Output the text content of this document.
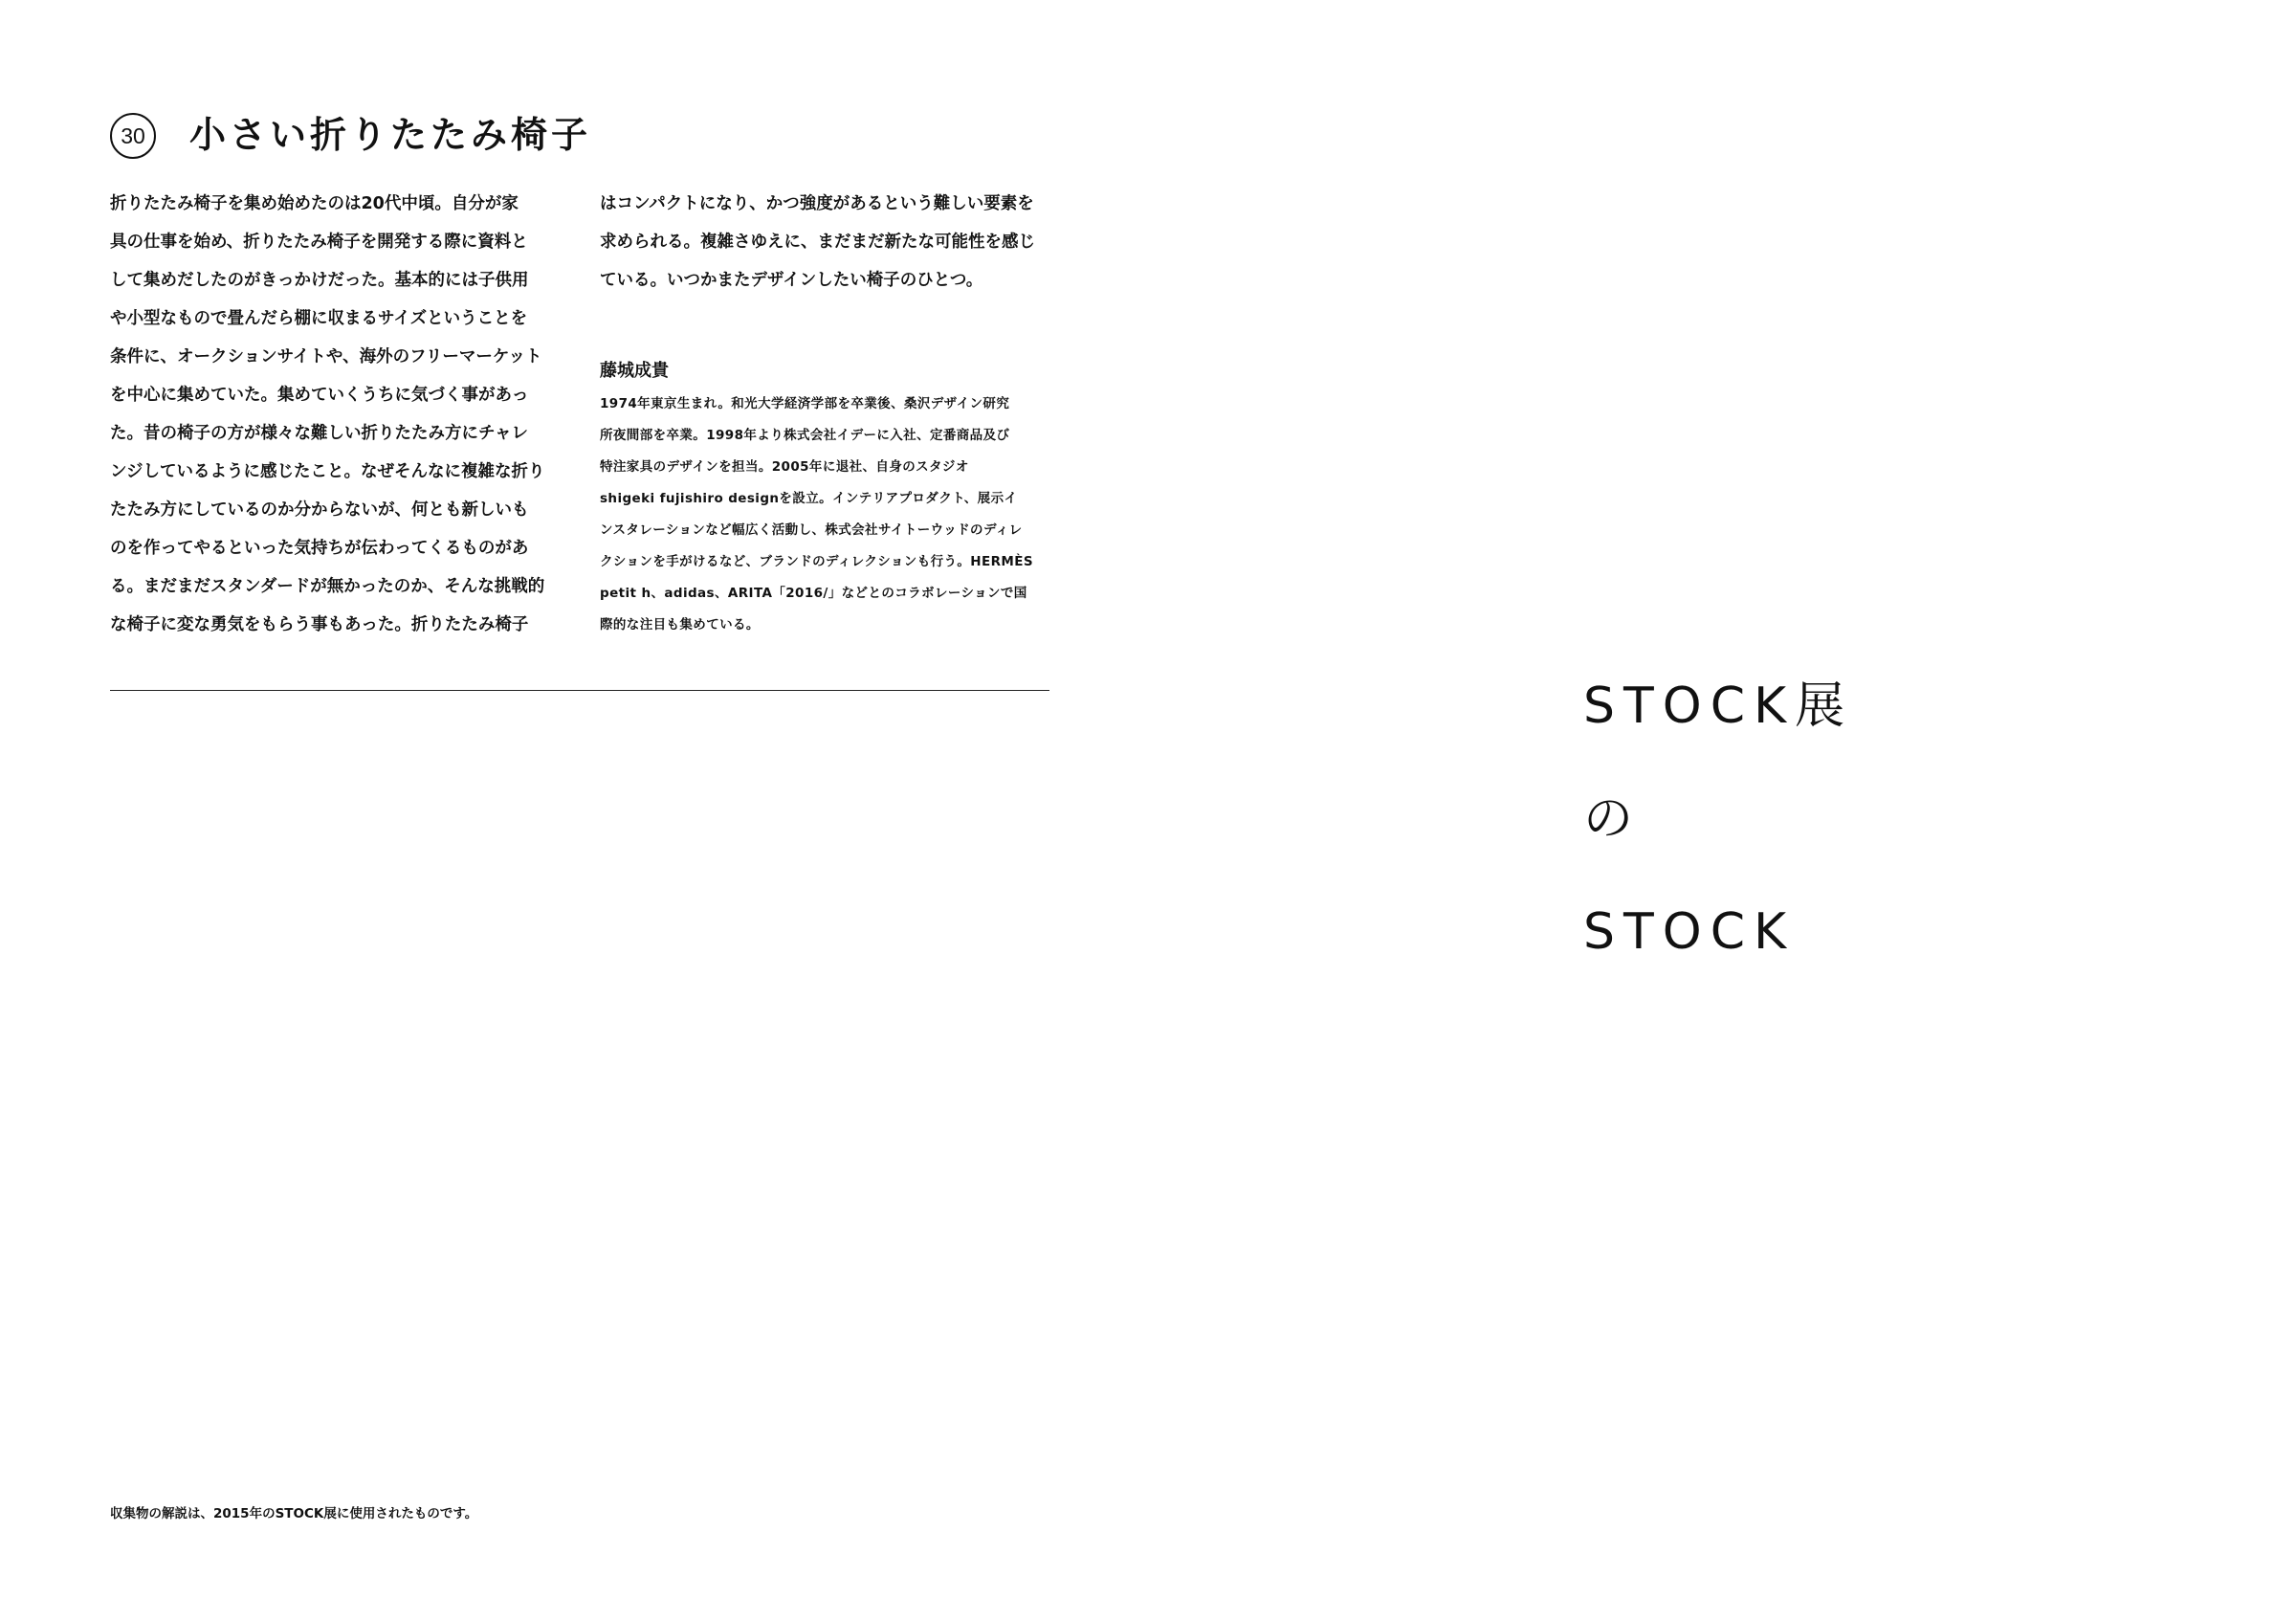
30 小さい折りたたみ椅子

折りたたみ椅子を集め始めたのは20代中頃。自分が家
具の仕事を始め、折りたたみ椅子を開発する際に資料と
して集めだしたのがきっかけだった。基本的には子供用
や小型なもので畳んだら棚に収まるサイズということを
条件に、オークションサイトや、海外のフリーマーケット
を中心に集めていた。集めていくうちに気づく事があっ
た。昔の椅子の方が様々な難しい折りたたみ方にチャレ
ンジしているように感じたこと。なぜそんなに複雑な折り
たたみ方にしているのか分からないが、何とも新しいも
のを作ってやるといった気持ちが伝わってくるものがあ
る。まだまだスタンダードが無かったのか、そんな挑戦的
な椅子に変な勇気をもらう事もあった。折りたたみ椅子

はコンパクトになり、かつ強度があるという難しい要素を
求められる。複雑さゆえに、まだまだ新たな可能性を感じ
ている。いつかまたデザインしたい椅子のひとつ。

藤城成貴
1974年東京生まれ。和光大学経済学部を卒業後、桑沢デザイン研究
所夜間部を卒業。1998年より株式会社イデーに入社、定番商品及び
特注家具のデザインを担当。2005年に退社、自身のスタジオ
shigeki fujishiro designを設立。インテリアプロダクト、展示イ
ンスタレーションなど幅広く活動し、株式会社サイトーウッドのディレ
クションを手がけるなど、ブランドのディレクションも行う。HERMÈS
petit h、adidas、ARITA「2016/」などとのコラボレーションで国
際的な注目も集めている。
収集物の解説は、2015年のSTOCK展に使用されたものです。
STOCK展
の
STOCK
